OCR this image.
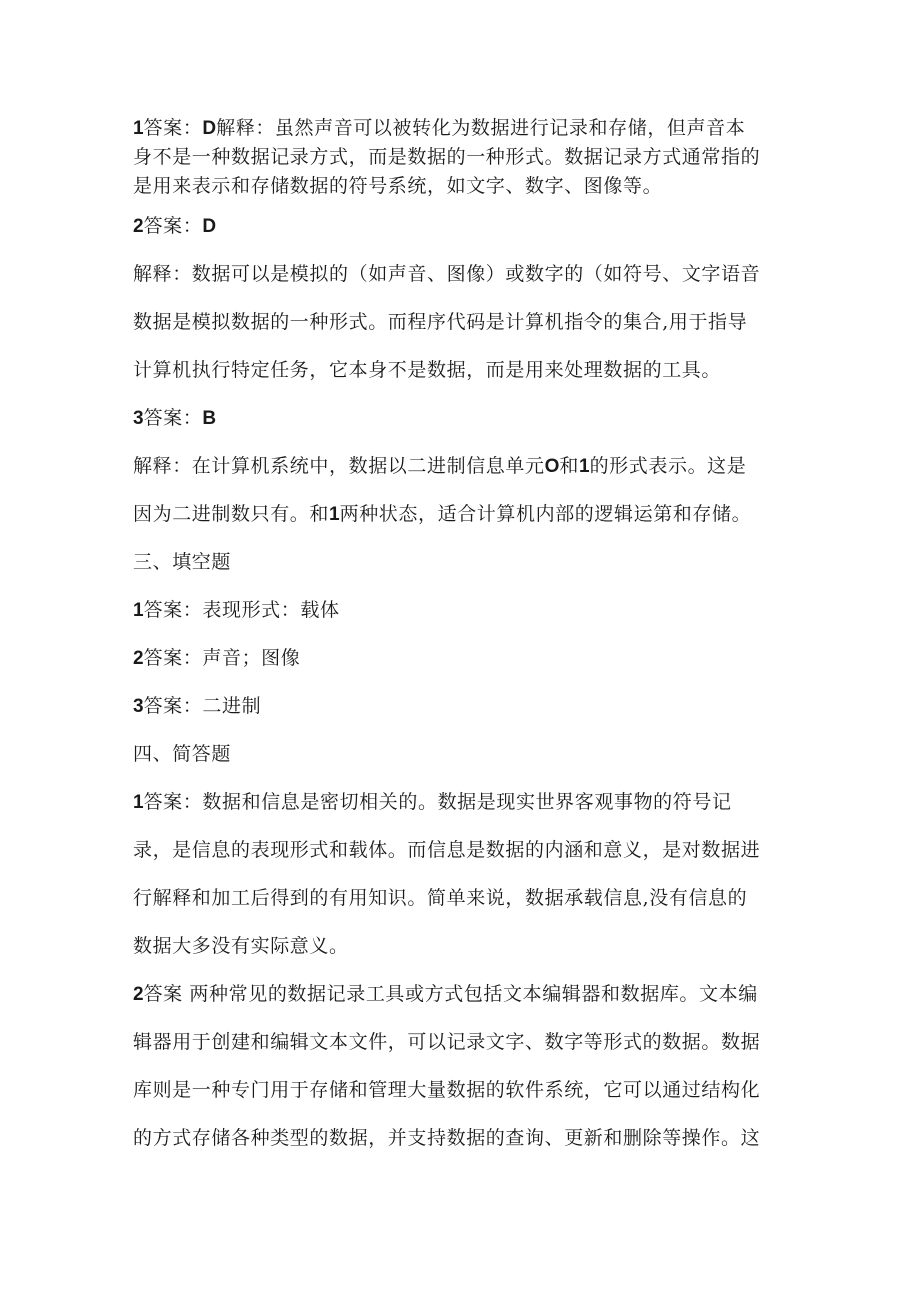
1答案：D解释：虽然声音可以被转化为数据进行记录和存储，但声音本
身不是一种数据记录方式，而是数据的一种形式。数据记录方式通常指的
是用来表示和存储数据的符号系统，如文字、数字、图像等。
2答案：D
解释：数据可以是模拟的（如声音、图像）或数字的（如符号、文字语音
数据是模拟数据的一种形式。而程序代码是计算机指令的集合,用于指导
计算机执行特定任务，它本身不是数据，而是用来处理数据的工具。
3答案：B
解释：在计算机系统中，数据以二进制信息单元O和1的形式表示。这是
因为二进制数只有。和1两种状态，适合计算机内部的逻辑运第和存储。
三、填空题
1答案：表现形式：载体
2答案：声音；图像
3答案：二进制
四、简答题
1答案：数据和信息是密切相关的。数据是现实世界客观事物的符号记
录，是信息的表现形式和载体。而信息是数据的内涵和意义，是对数据进
行解释和加工后得到的有用知识。简单来说，数据承载信息,没有信息的
数据大多没有实际意义。
2答案 两种常见的数据记录工具或方式包括文本编辑器和数据库。文本编
辑器用于创建和编辑文本文件，可以记录文字、数字等形式的数据。数据
库则是一种专门用于存储和管理大量数据的软件系统，它可以通过结构化
的方式存储各种类型的数据，并支持数据的查询、更新和删除等操作。这
